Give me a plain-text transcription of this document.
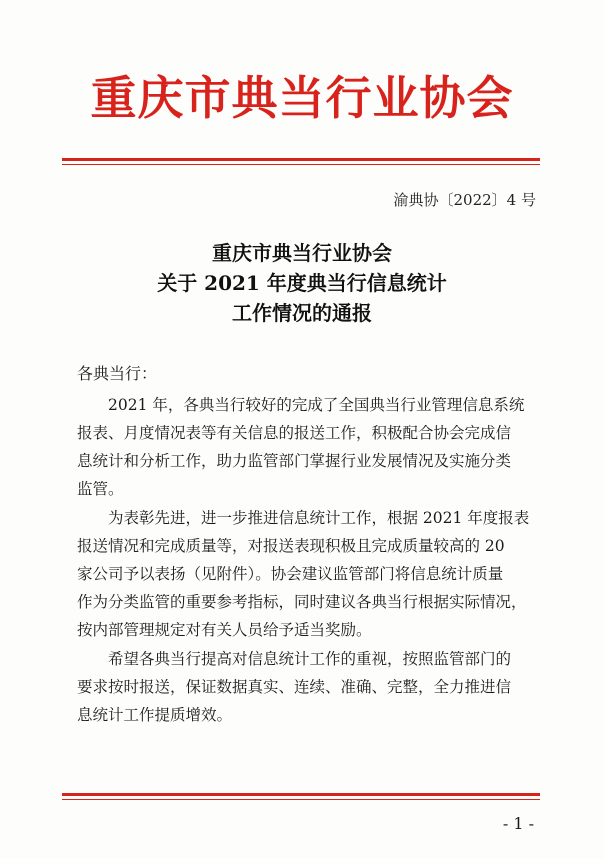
重庆市典当行业协会
渝典协〔2022〕4 号
重庆市典当行业协会
关于 2021 年度典当行信息统计
工作情况的通报
各典当行：
2021 年，各典当行较好的完成了全国典当行业管理信息系统
报表、月度情况表等有关信息的报送工作，积极配合协会完成信
息统计和分析工作，助力监管部门掌握行业发展情况及实施分类
监管。
为表彰先进，进一步推进信息统计工作，根据 2021 年度报表
报送情况和完成质量等，对报送表现积极且完成质量较高的 20
家公司予以表扬（见附件）。协会建议监管部门将信息统计质量
作为分类监管的重要参考指标，同时建议各典当行根据实际情况，
按内部管理规定对有关人员给予适当奖励。
希望各典当行提高对信息统计工作的重视，按照监管部门的
要求按时报送，保证数据真实、连续、准确、完整，全力推进信
息统计工作提质增效。
- 1 -
